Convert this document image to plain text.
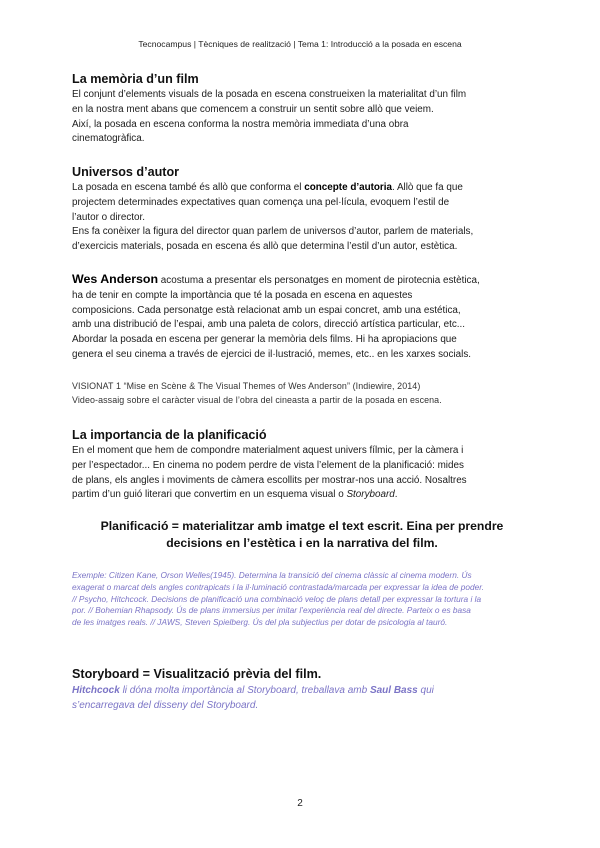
Tecnocampus | Tècniques de realització | Tema 1: Introducció a la posada en escena

La memòria d’un film

El conjunt d’elements visuals de la posada en escena construeixen la materialitat d’un film

en la nostra ment abans que comencem a construir un sentit sobre allò que veiem.

Així, la posada en escena conforma la nostra memòria immediata d’una obra

cinematogràfica.

Universos d’autor

La posada en escena també és allò que conforma el concepte d’autoria. Allò que fa que

projectem determinades expectatives quan comença una pel·lícula, evoquem l’estil de

l’autor o director.

Ens fa conèixer la figura del director quan parlem de universos d’autor, parlem de materials,

d’exercicis materials, posada en escena és allò que determina l’estil d’un autor, estètica.

Wes Anderson acostuma a presentar els personatges en moment de pirotecnia estètica,

ha de tenir en compte la importància que té la posada en escena en aquestes

composicions. Cada personatge està relacionat amb un espai concret, amb una estética,

amb una distribució de l’espai, amb una paleta de colors, direcció artística particular, etc...

Abordar la posada en escena per generar la memòria dels films. Hi ha apropiacions que

genera el seu cinema a través de ejercici de il·lustració, memes, etc.. en les xarxes socials.

VISIONAT 1 “Mise en Scène & The Visual Themes of Wes Anderson” (Indiewire, 2014)

Video-assaig sobre el caràcter visual de l’obra del cineasta a partir de la posada en escena.

La importancia de la planificació

En el moment que hem de compondre materialment aquest univers fílmic, per la càmera i

per l’espectador... En cinema no podem perdre de vista l’element de la planificació: mides

de plans, els angles i moviments de càmera escollits per mostrar-nos una acció. Nosaltres

partim d’un guió literari que convertim en un esquema visual o Storyboard.

Planificació = materialitzar amb imatge el text escrit. Eina per prendre
decisions en l’estètica i en la narrativa del film.

Exemple: Citizen Kane, Orson Welles(1945). Determina la transició del cinema clàssic al cinema modern. Ús

exagerat o marcat dels angles contrapicats i la il·luminació contrastada/marcada per expressar la idea de poder.

// Psycho, Hitchcock. Decisions de planificació una combinació veloç de plans detall per expressar la tortura i la

por. // Bohemian Rhapsody. Ús de plans immersius per imitar l’experiència real del directe. Parteix o es basa

de les imatges reals. // JAWS, Steven Spielberg. Ús del pla subjectius per dotar de psicologia al tauró.

Storyboard = Visualització prèvia del film.

Hitchcock li dóna molta importància al Storyboard, treballava amb Saul Bass qui

s’encarregava del disseny del Storyboard.

2
